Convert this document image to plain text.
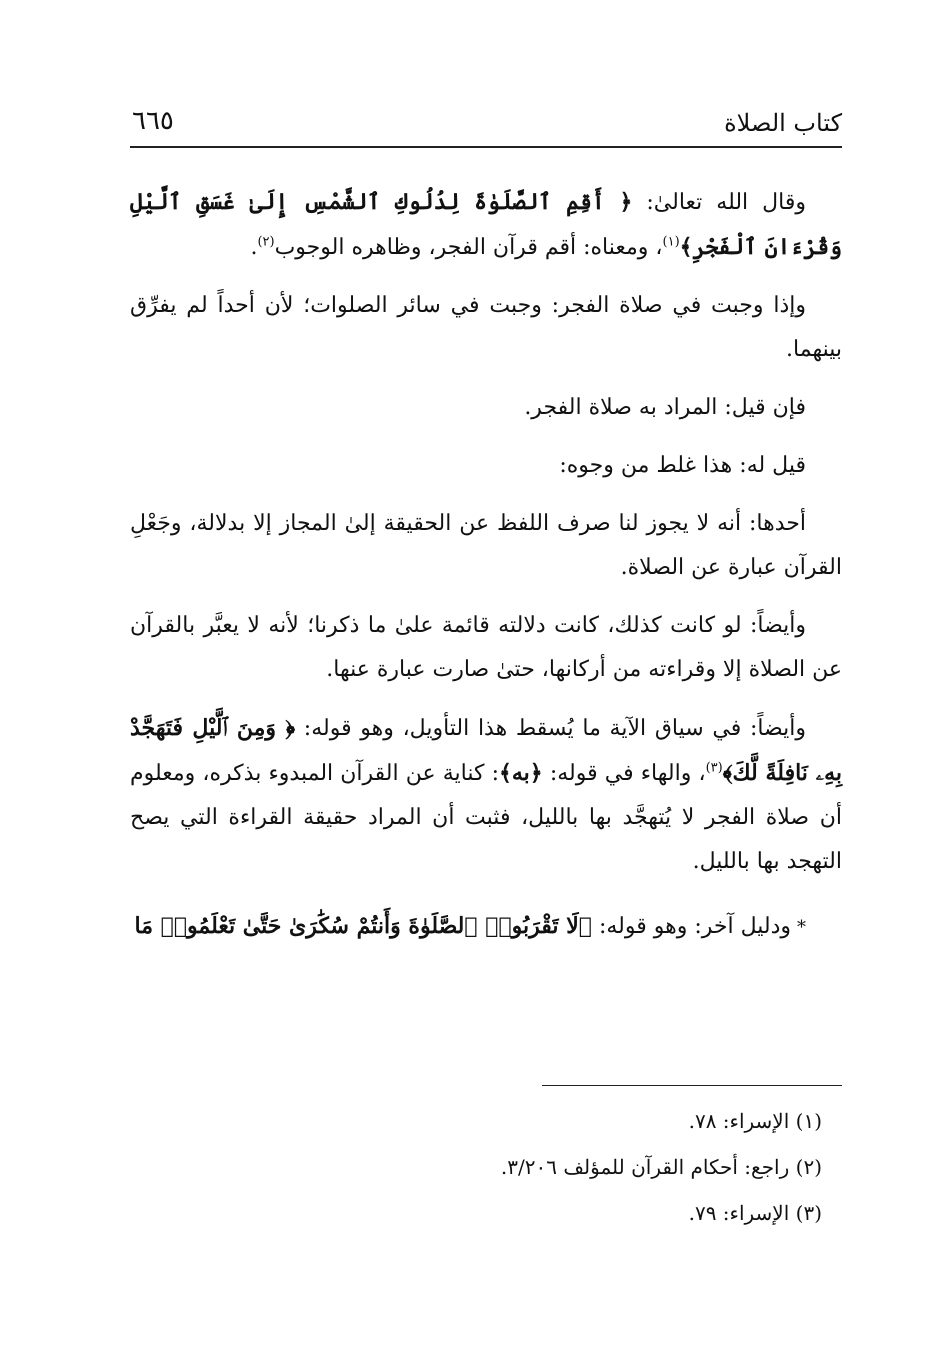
كتاب الصلاة
٦٦٥

وقال الله تعالىٰ: ﴿ أَقِمِ ٱلصَّلَوٰةَ لِدُلُوكِ ٱلشَّمْسِ إِلَىٰ غَسَقِ ٱلَّيْلِ وَقُرْءَانَ ٱلْفَجْرِ﴾$^{(١)}$، ومعناه: أقم قرآن الفجر، وظاهره الوجوب$^{(٢)}$.

وإذا وجبت في صلاة الفجر: وجبت في سائر الصلوات؛ لأن أحداً لم يفرِّق بينهما.

فإن قيل: المراد به صلاة الفجر.

قيل له: هذا غلط من وجوه:

أحدها: أنه لا يجوز لنا صرف اللفظ عن الحقيقة إلىٰ المجاز إلا بدلالة، وجَعْلِ القرآن عبارة عن الصلاة.

وأيضاً: لو كانت كذلك، كانت دلالته قائمة علىٰ ما ذكرنا؛ لأنه لا يعبَّر بالقرآن عن الصلاة إلا وقراءته من أركانها، حتىٰ صارت عبارة عنها.

وأيضاً: في سياق الآية ما يُسقط هذا التأويل، وهو قوله: ﴿ وَمِنَ ٱلَّيْلِ فَتَهَجَّدْ بِهِۦ نَافِلَةً لَّكَ﴾$^{(٣)}$، والهاء في قوله: ﴿به﴾: كناية عن القرآن المبدوء بذكره، ومعلوم أن صلاة الفجر لا يُتهجَّد بها بالليل، فثبت أن المراد حقيقة القراءة التي يصح التهجد بها بالليل.

*ودليل آخر: وهو قوله: ﴿لَا تَقْرَبُوا۟ ٱلصَّلَوٰةَ وَأَنتُمْ سُكَٰرَىٰ حَتَّىٰ تَعْلَمُوا۟ مَا

(١) الإسراء: ٧٨.

(٢) راجع: أحكام القرآن للمؤلف ٣/٢٠٦.

(٣) الإسراء: ٧٩.
